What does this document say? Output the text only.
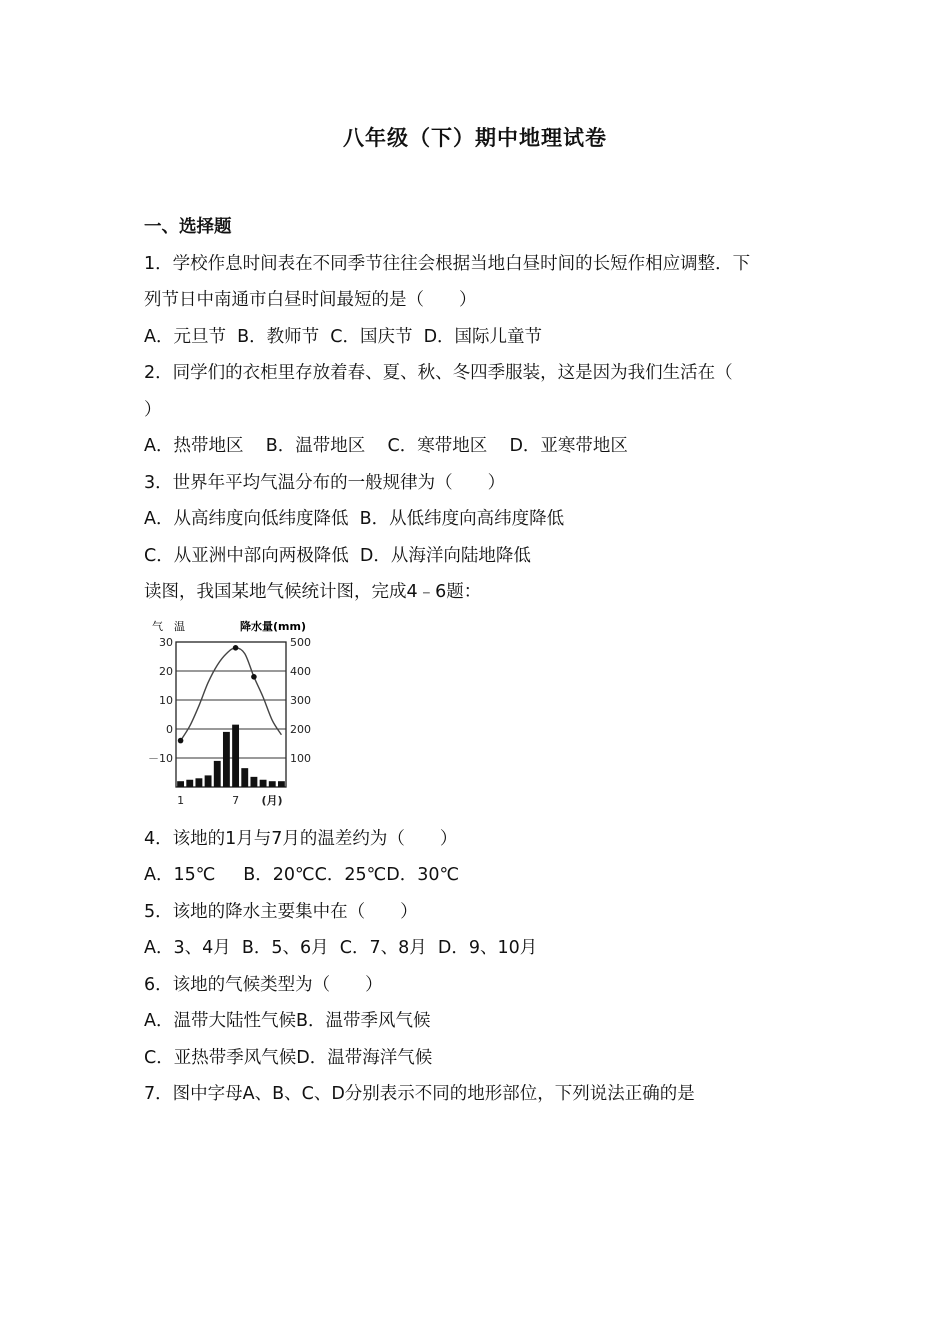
八年级（下）期中地理试卷
一、选择题
1．学校作息时间表在不同季节往往会根据当地白昼时间的长短作相应调整．下
列节日中南通市白昼时间最短的是（　　）
A．元旦节  B．教师节  C．国庆节  D．国际儿童节
2．同学们的衣柜里存放着春、夏、秋、冬四季服装，这是因为我们生活在（
）
A．热带地区    B．温带地区    C．寒带地区    D．亚寒带地区
3．世界年平均气温分布的一般规律为（　　）
A．从高纬度向低纬度降低  B．从低纬度向高纬度降低
C．从亚洲中部向两极降低  D．从海洋向陆地降低
读图，我国某地气候统计图，完成4﹣6题：
气　温	降水量(mm)
30
20
10
0
－10
500
400
300
200
100
1	7 (月)
4．该地的1月与7月的温差约为（　　）
A．15℃     B．20℃C．25℃D．30℃
5．该地的降水主要集中在（　　）
A．3、4月  B．5、6月  C．7、8月  D．9、10月
6．该地的气候类型为（　　）
A．温带大陆性气候B．温带季风气候
C．亚热带季风气候D．温带海洋气候
7．图中字母A、B、C、D分别表示不同的地形部位，下列说法正确的是
